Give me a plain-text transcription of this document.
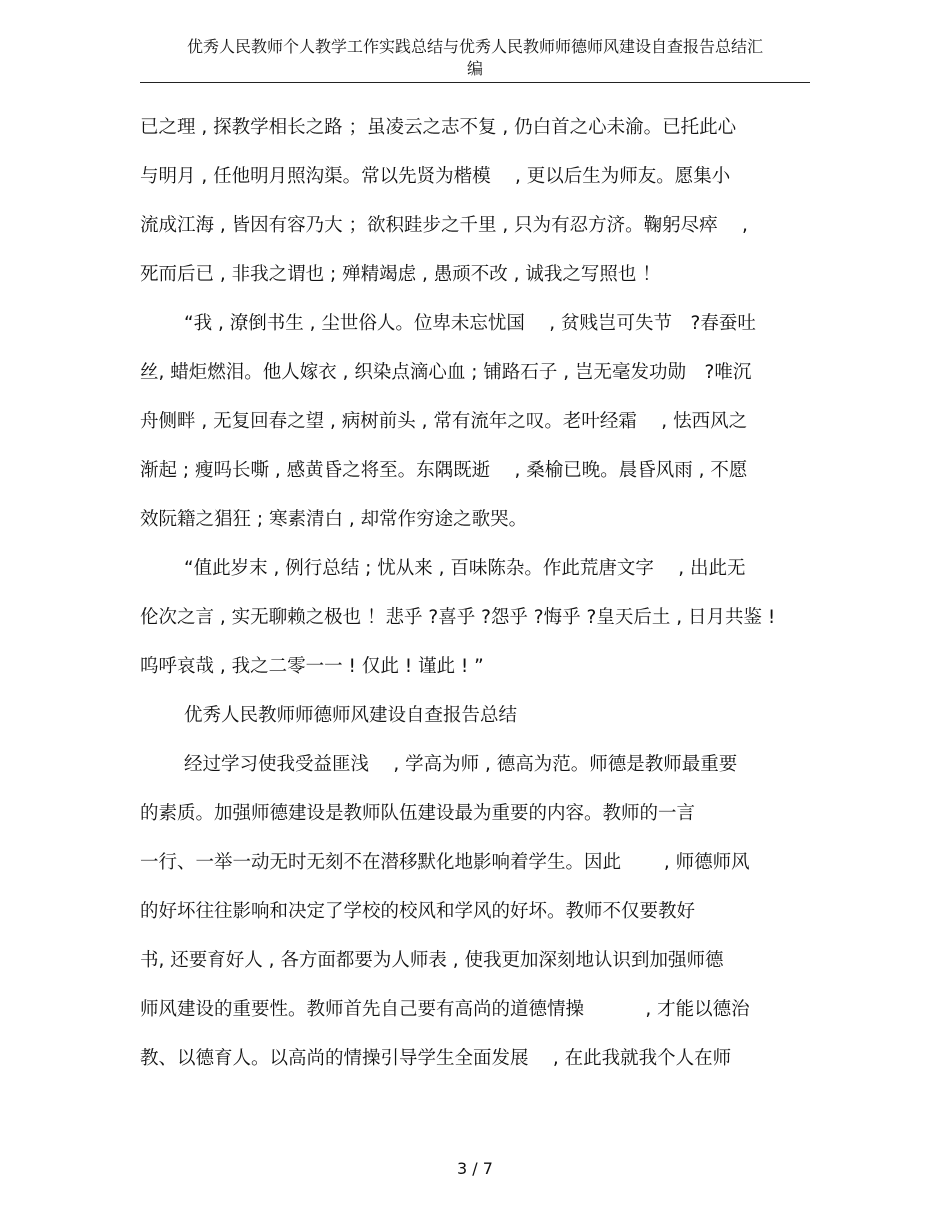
优秀人民教师个人教学工作实践总结与优秀人民教师师德师风建设自查报告总结汇
编
已之理 , 探教学相长之路 ；虽凌云之志不复 , 仍白首之心未渝。已托此心
与明月 , 任他明月照沟渠。常以先贤为楷模　 , 更以后生为师友。愿集小
流成江海 , 皆因有容乃大 ；欲积跬步之千里 , 只为有忍方济。鞠躬尽瘁　 ,
死而后已 , 非我之谓也 ; 殚精竭虑 , 愚顽不改 , 诚我之写照也 ！
“我 , 潦倒书生 , 尘世俗人。位卑未忘忧国　 , 贫贱岂可失节　?春蚕吐
丝, 蜡炬燃泪。他人嫁衣 , 织染点滴心血 ; 铺路石子 , 岂无毫发功勋　?唯沉
舟侧畔 , 无复回春之望 , 病树前头 , 常有流年之叹。老叶经霜　 , 怯西风之
渐起 ; 瘦吗长嘶 , 感黄昏之将至。东隅既逝　 , 桑榆已晚。晨昏风雨 , 不愿
效阮籍之猖狂 ; 寒素清白 , 却常作穷途之歌哭。
“值此岁末 , 例行总结 ; 忧从来 , 百味陈杂。作此荒唐文字　 , 出此无
伦次之言 , 实无聊赖之极也 ！悲乎 ?喜乎 ?怨乎 ?悔乎 ?皇天后土 , 日月共鉴 !
呜呼哀哉 , 我之二零一一 ! 仅此 ! 谨此 ! ”
优秀人民教师师德师风建设自查报告总结
经过学习使我受益匪浅　 , 学高为师 , 德高为范。师德是教师最重要
的素质。加强师德建设是教师队伍建设最为重要的内容。教师的一言
一行、一举一动无时无刻不在潜移默化地影响着学生。因此　　 , 师德师风
的好坏往往影响和决定了学校的校风和学风的好坏。教师不仅要教好
书, 还要育好人 , 各方面都要为人师表 , 使我更加深刻地认识到加强师德
师风建设的重要性。教师首先自己要有高尚的道德情操　　　 , 才能以德治
教、以德育人。以高尚的情操引导学生全面发展　 , 在此我就我个人在师
3 / 7
